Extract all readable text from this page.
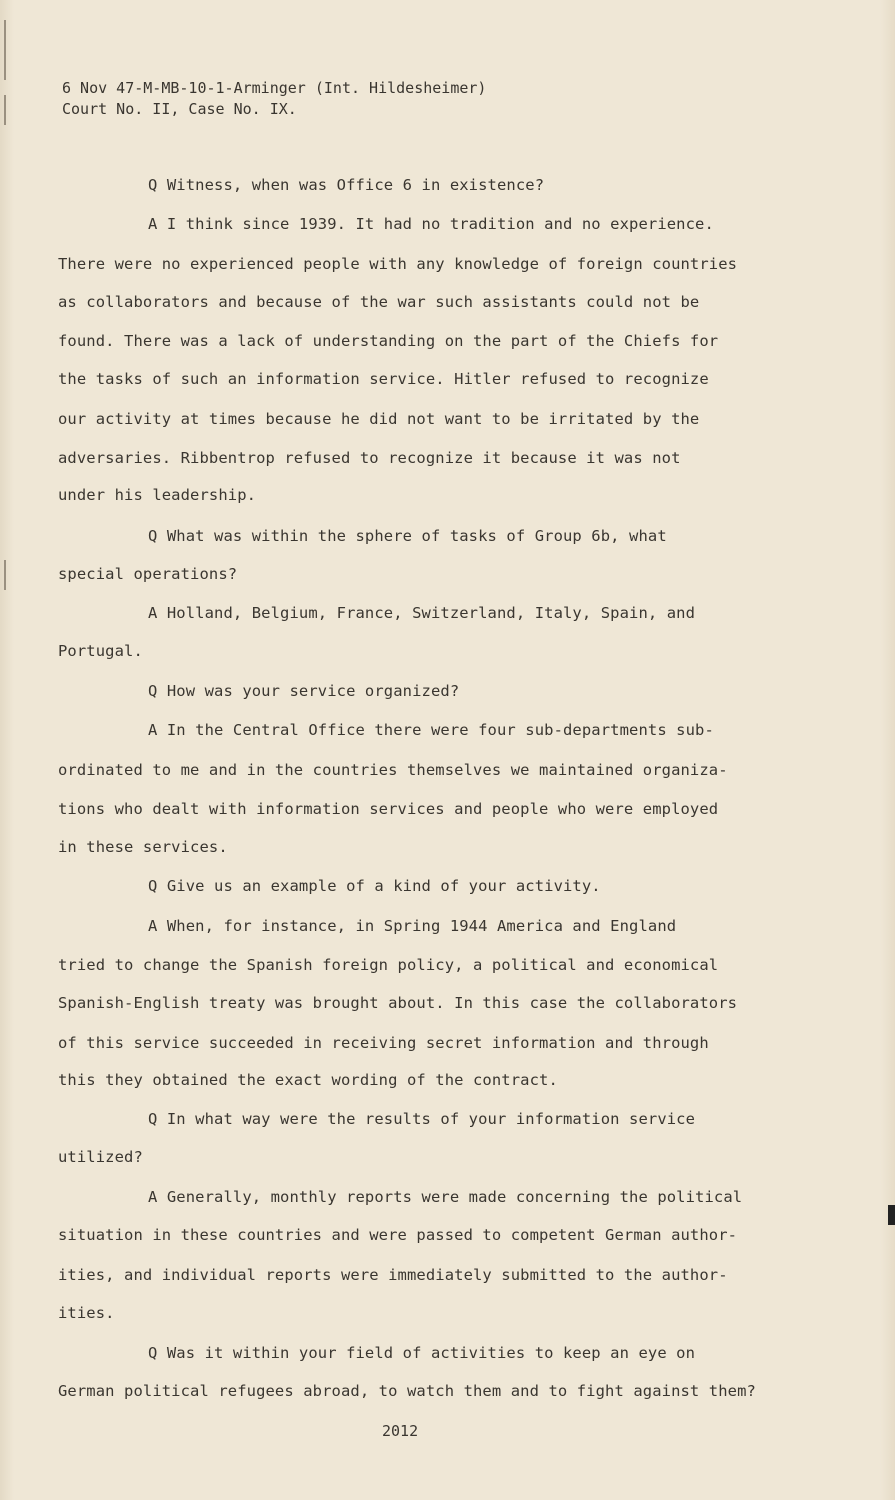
6 Nov 47-M-MB-10-1-Arminger (Int. Hildesheimer)
Court No. II, Case No. IX.
Q Witness, when was Office 6 in existence?
A I think since 1939. It had no tradition and no experience.
There were no experienced people with any knowledge of foreign countries
as collaborators and because of the war such assistants could not be
found. There was a lack of understanding on the part of the Chiefs for
the tasks of such an information service. Hitler refused to recognize
our activity at times because he did not want to be irritated by the
adversaries. Ribbentrop refused to recognize it because it was not
under his leadership.
Q What was within the sphere of tasks of Group 6b, what
special operations?
A Holland, Belgium, France, Switzerland, Italy, Spain, and
Portugal.
Q How was your service organized?
A In the Central Office there were four sub-departments sub-
ordinated to me and in the countries themselves we maintained organiza-
tions who dealt with information services and people who were employed
in these services.
Q Give us an example of a kind of your activity.
A When, for instance, in Spring 1944 America and England
tried to change the Spanish foreign policy, a political and economical
Spanish-English treaty was brought about. In this case the collaborators
of this service succeeded in receiving secret information and through
this they obtained the exact wording of the contract.
Q In what way were the results of your information service
utilized?
A Generally, monthly reports were made concerning the political
situation in these countries and were passed to competent German author-
ities, and individual reports were immediately submitted to the author-
ities.
Q Was it within your field of activities to keep an eye on
German political refugees abroad, to watch them and to fight against them?
2012
